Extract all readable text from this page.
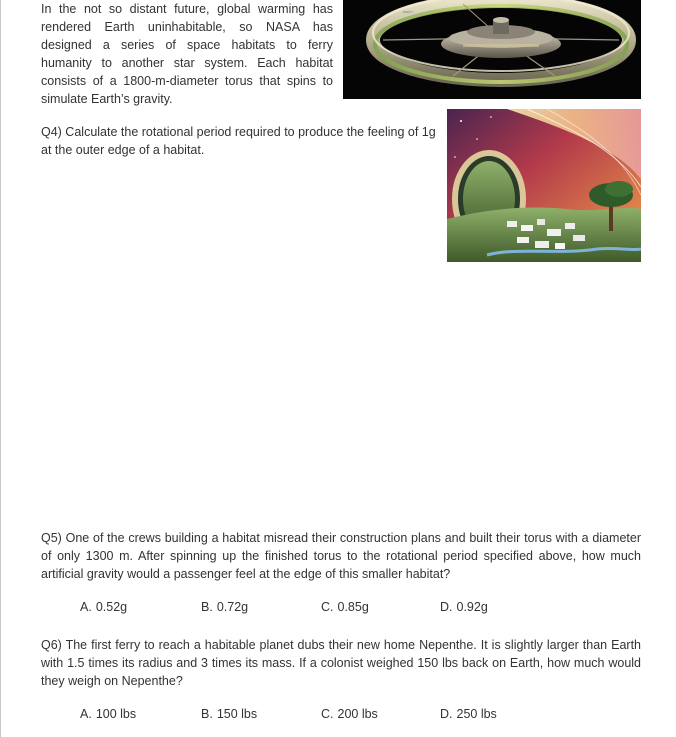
In the not so distant future, global warming has rendered Earth uninhabitable, so NASA has designed a series of space habitats to ferry humanity to another star system. Each habitat consists of a 1800-m-diameter torus that spins to simulate Earth’s gravity.

Q4) Calculate the rotational period required to produce the feeling of 1g at the outer edge of a habitat.

Q5) One of the crews building a habitat misread their construction plans and built their torus with a diameter of only 1300 m. After spinning up the finished torus to the rotational period specified above, how much artificial gravity would a passenger feel at the edge of this smaller habitat?

A. 0.52g	B. 0.72g	C. 0.85g	D. 0.92g

Q6) The first ferry to reach a habitable planet dubs their new home Nepenthe. It is slightly larger than Earth with 1.5 times its radius and 3 times its mass. If a colonist weighed 150 lbs back on Earth, how much would they weigh on Nepenthe?

A. 100 lbs	B. 150 lbs	C. 200 lbs	D. 250 lbs
